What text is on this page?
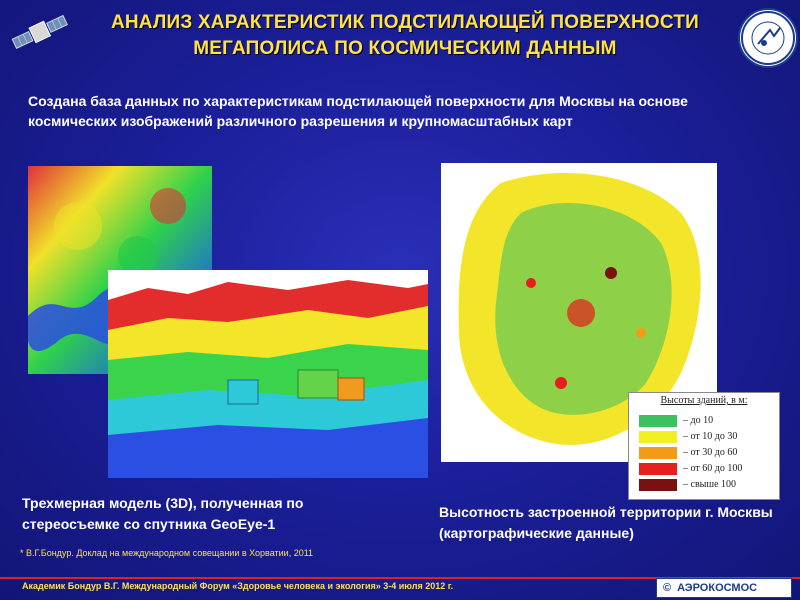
АНАЛИЗ ХАРАКТЕРИСТИК ПОДСТИЛАЮЩЕЙ ПОВЕРХНОСТИ
МЕГАПОЛИСА ПО КОСМИЧЕСКИМ ДАННЫМ
Создана база данных по характеристикам подстилающей поверхности для Москвы на основе космических изображений различного разрешения и крупномасштабных карт
Высоты зданий, в м:
– до 10
– от 10 до 30
– от 30 до 60
– от 60 до 100
– свыше 100
Трехмерная модель (3D), полученная по стереосъемке со спутника GeoEye-1
Высотность застроенной территории г. Москвы (картографические данные)
* В.Г.Бондур. Доклад на международном совещании в Хорватии, 2011
Академик Бондур В.Г. Международный Форум «Здоровье человека и экология» 3-4 июля 2012 г.	© АЭРОКОСМОС
